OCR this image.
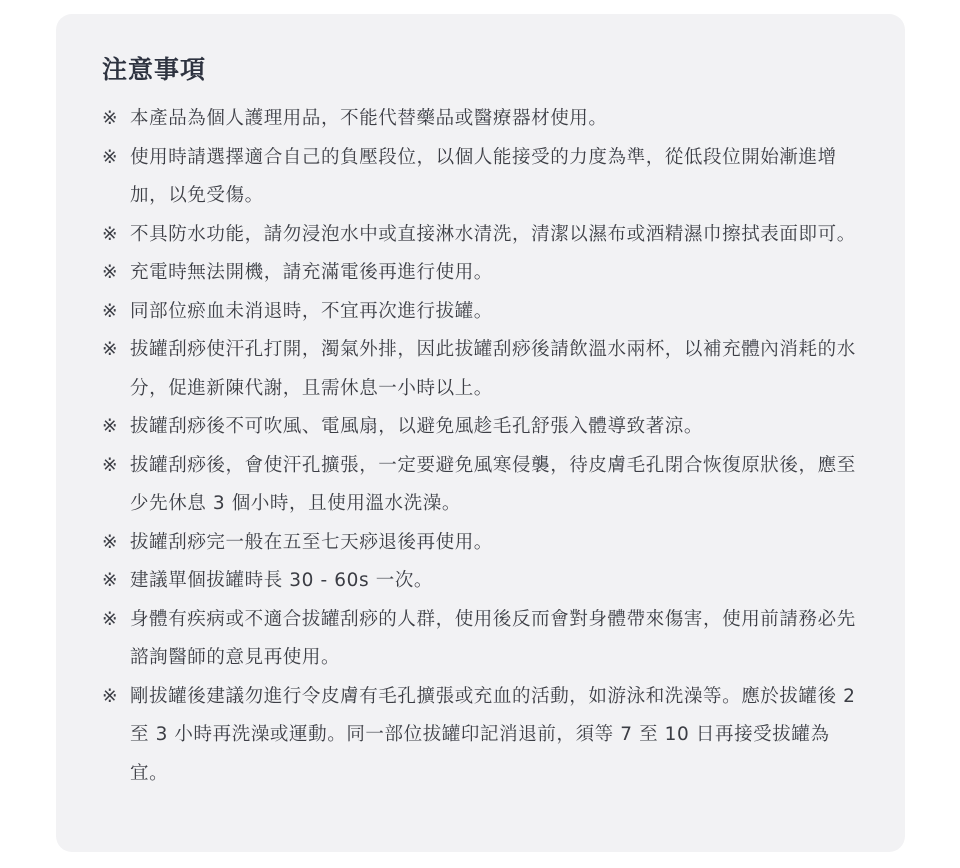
注意事項
※ 本產品為個人護理用品，不能代替藥品或醫療器材使用。
※ 使用時請選擇適合自己的負壓段位，以個人能接受的力度為準，從低段位開始漸進增加，以免受傷。
※ 不具防水功能，請勿浸泡水中或直接淋水清洗，清潔以濕布或酒精濕巾擦拭表面即可。
※ 充電時無法開機，請充滿電後再進行使用。
※ 同部位瘀血未消退時，不宜再次進行拔罐。
※ 拔罐刮痧使汗孔打開，濁氣外排，因此拔罐刮痧後請飲溫水兩杯，以補充體內消耗的水分，促進新陳代謝，且需休息一小時以上。
※ 拔罐刮痧後不可吹風、電風扇，以避免風趁毛孔舒張入體導致著涼。
※ 拔罐刮痧後，會使汗孔擴張，一定要避免風寒侵襲，待皮膚毛孔閉合恢復原狀後，應至少先休息 3 個小時，且使用溫水洗澡。
※ 拔罐刮痧完一般在五至七天痧退後再使用。
※ 建議單個拔罐時長 30 - 60s 一次。
※ 身體有疾病或不適合拔罐刮痧的人群，使用後反而會對身體帶來傷害，使用前請務必先諮詢醫師的意見再使用。
※ 剛拔罐後建議勿進行令皮膚有毛孔擴張或充血的活動，如游泳和洗澡等。應於拔罐後 2 至 3 小時再洗澡或運動。同一部位拔罐印記消退前，須等 7 至 10 日再接受拔罐為宜。
